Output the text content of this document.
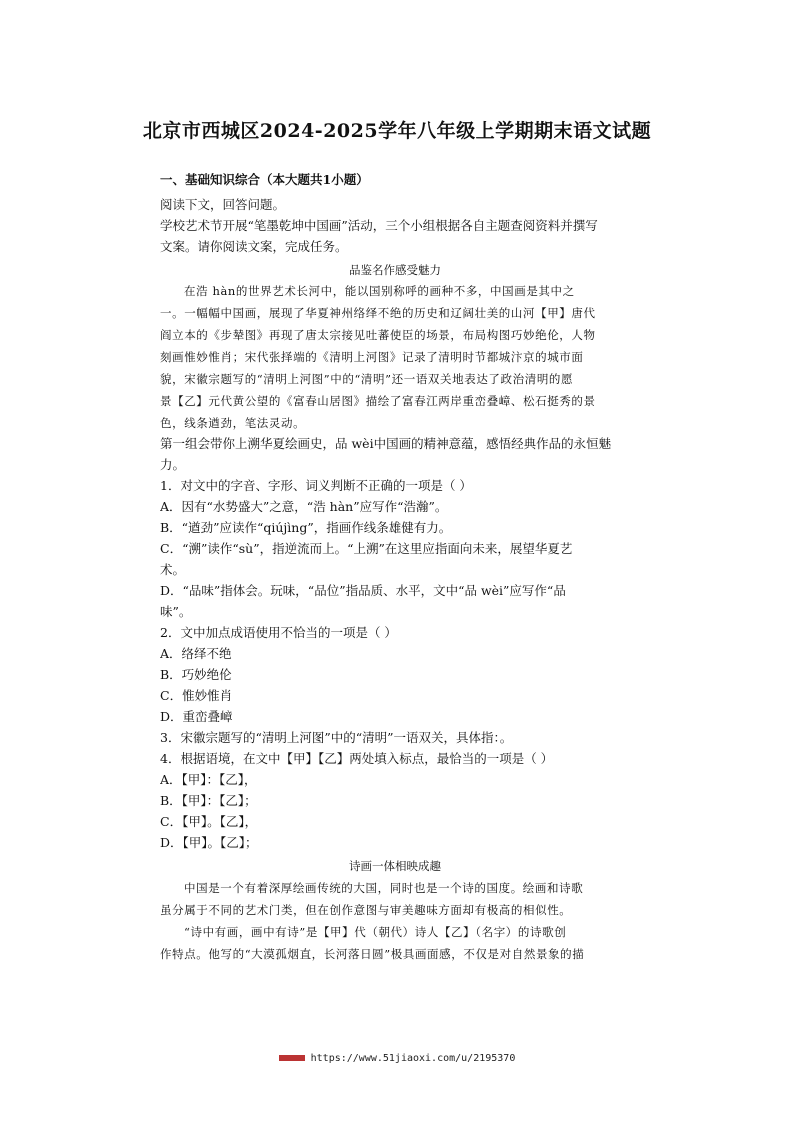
北京市西城区2024-2025学年八年级上学期期末语文试题
一、基础知识综合（本大题共1小题）
阅读下文，回答问题。
学校艺术节开展“笔墨乾坤中国画”活动，三个小组根据各自主题查阅资料并撰写
文案。请你阅读文案，完成任务。
品鉴名作感受魅力
在浩 hàn的世界艺术长河中，能以国别称呼的画种不多，中国画是其中之
一。一幅幅中国画，展现了华夏神州络绎不绝的历史和辽阔壮美的山河【甲】唐代
阎立本的《步辇图》再现了唐太宗接见吐蕃使臣的场景，布局构图巧妙绝伦，人物
刻画惟妙惟肖；宋代张择端的《清明上河图》记录了清明时节都城汴京的城市面
貌，宋徽宗题写的“清明上河图”中的“清明”还一语双关地表达了政治清明的愿
景【乙】元代黄公望的《富春山居图》描绘了富春江两岸重峦叠嶂、松石挺秀的景
色，线条遒劲，笔法灵动。
第一组会带你上溯华夏绘画史，品 wèi中国画的精神意蕴，感悟经典作品的永恒魅
力。
1．对文中的字音、字形、词义判断不正确的一项是（ ）
A．因有“水势盛大”之意，“浩 hàn”应写作“浩瀚”。
B．“遒劲”应读作“qiújìng”，指画作线条雄健有力。
C．“溯”读作“sù”，指逆流而上。“上溯”在这里应指面向未来，展望华夏艺
术。
D．“品味”指体会。玩味，“品位”指品质、水平，文中“品 wèi”应写作“品
味”。
2．文中加点成语使用不恰当的一项是（ ）
A．络绎不绝
B．巧妙绝伦
C．惟妙惟肖
D．重峦叠嶂
3．宋徽宗题写的“清明上河图”中的“清明”一语双关，具体指：。
4．根据语境，在文中【甲】【乙】两处填入标点，最恰当的一项是（ ）
A．【甲】：【乙】，
B．【甲】：【乙】；
C．【甲】。【乙】，
D．【甲】。【乙】；
诗画一体相映成趣
中国是一个有着深厚绘画传统的大国，同时也是一个诗的国度。绘画和诗歌
虽分属于不同的艺术门类，但在创作意图与审美趣味方面却有极高的相似性。
“诗中有画，画中有诗”是【甲】代（朝代）诗人【乙】（名字）的诗歌创
作特点。他写的“大漠孤烟直，长河落日圆”极具画面感，不仅是对自然景象的描
https://www.51jiaoxi.com/u/2195370
